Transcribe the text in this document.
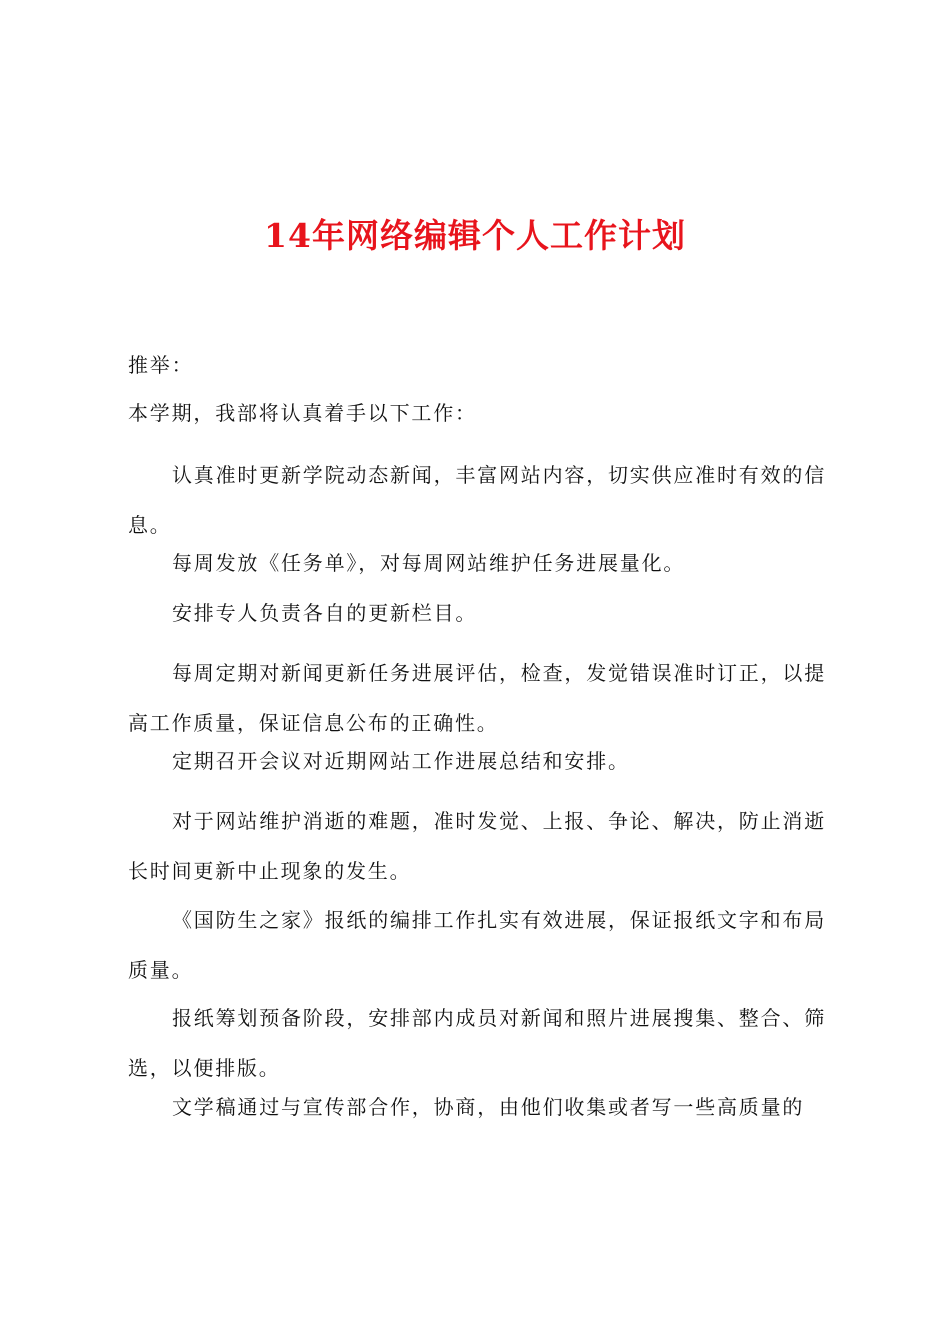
14年网络编辑个人工作计划

推举：

本学期，我部将认真着手以下工作：

认真准时更新学院动态新闻，丰富网站内容，切实供应准时有效的信息。

每周发放《任务单》，对每周网站维护任务进展量化。

安排专人负责各自的更新栏目。

每周定期对新闻更新任务进展评估，检查，发觉错误准时订正，以提高工作质量，保证信息公布的正确性。

定期召开会议对近期网站工作进展总结和安排。

对于网站维护消逝的难题，准时发觉、上报、争论、解决，防止消逝长时间更新中止现象的发生。

《国防生之家》报纸的编排工作扎实有效进展，保证报纸文字和布局质量。

报纸筹划预备阶段，安排部内成员对新闻和照片进展搜集、整合、筛选，以便排版。

文学稿通过与宣传部合作，协商，由他们收集或者写一些高质量的
